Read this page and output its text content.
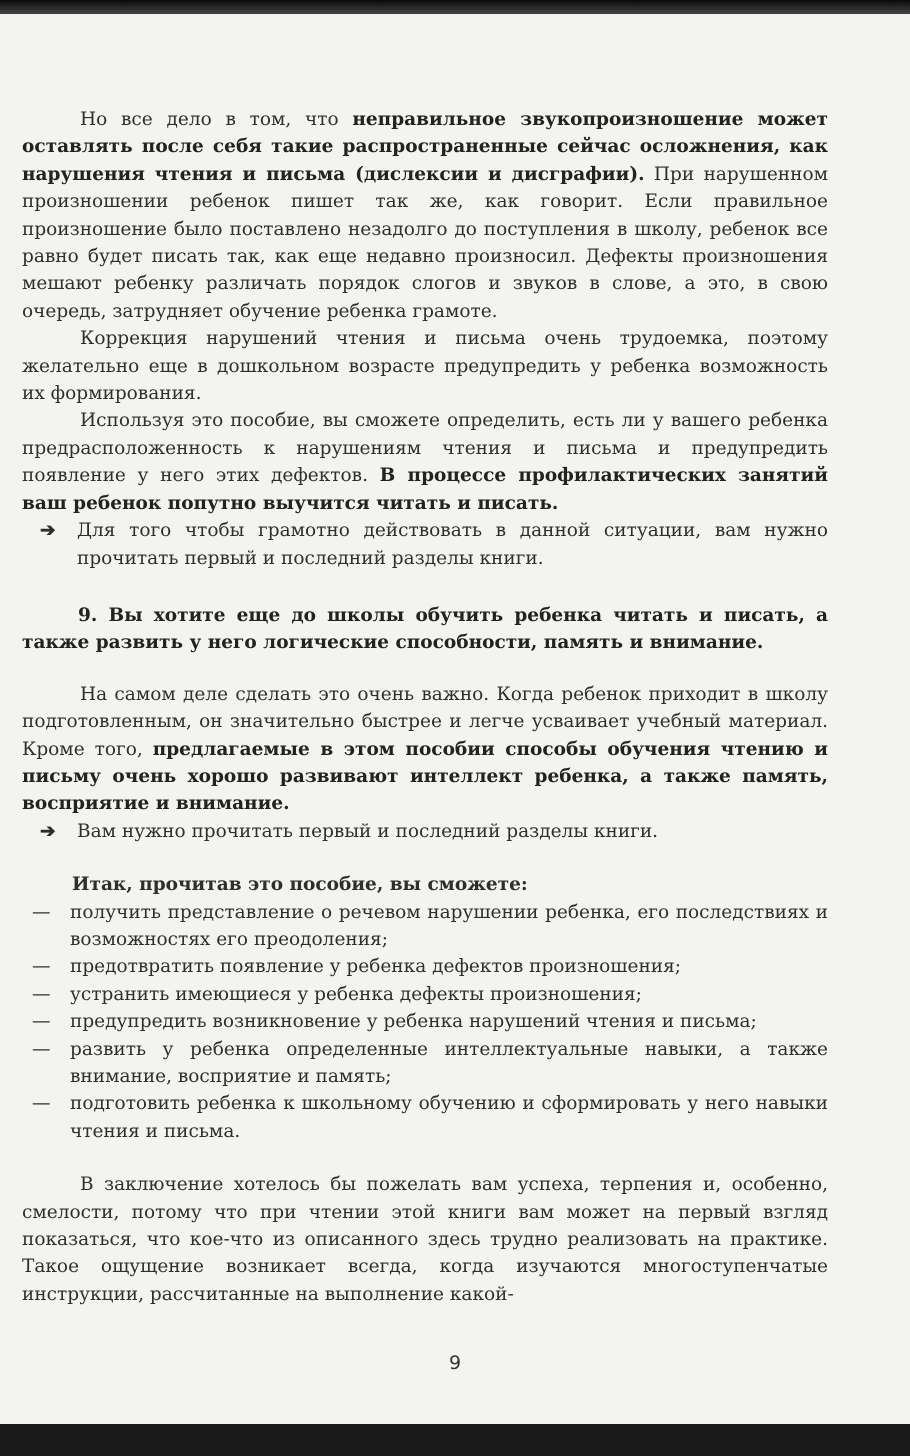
Но все дело в том, что неправильное звукопроизношение может оставлять после себя такие распространенные сейчас осложнения, как нарушения чтения и письма (дислексии и дисграфии). При нарушенном произношении ребенок пишет так же, как говорит. Если правильное произношение было поставлено незадолго до поступления в школу, ребенок все равно будет писать так, как еще недавно произносил. Дефекты произношения мешают ребенку различать порядок слогов и звуков в слове, а это, в свою очередь, затрудняет обучение ребенка грамоте.

Коррекция нарушений чтения и письма очень трудоемка, поэтому желательно еще в дошкольном возрасте предупредить у ребенка возможность их формирования.

Используя это пособие, вы сможете определить, есть ли у вашего ребенка предрасположенность к нарушениям чтения и письма и предупредить появление у него этих дефектов. В процессе профилактических занятий ваш ребенок попутно выучится читать и писать.

➔ Для того чтобы грамотно действовать в данной ситуации, вам нужно прочитать первый и последний разделы книги.
9. Вы хотите еще до школы обучить ребенка читать и писать, а также развить у него логические способности, память и внимание.

На самом деле сделать это очень важно. Когда ребенок приходит в школу подготовленным, он значительно быстрее и легче усваивает учебный материал. Кроме того, предлагаемые в этом пособии способы обучения чтению и письму очень хорошо развивают интеллект ребенка, а также память, восприятие и внимание.

➔ Вам нужно прочитать первый и последний разделы книги.
Итак, прочитав это пособие, вы сможете:
— получить представление о речевом нарушении ребенка, его последствиях и возможностях его преодоления;
— предотвратить появление у ребенка дефектов произношения;
— устранить имеющиеся у ребенка дефекты произношения;
— предупредить возникновение у ребенка нарушений чтения и письма;
— развить у ребенка определенные интеллектуальные навыки, а также внимание, восприятие и память;
— подготовить ребенка к школьному обучению и сформировать у него навыки чтения и письма.

В заключение хотелось бы пожелать вам успеха, терпения и, особенно, смелости, потому что при чтении этой книги вам может на первый взгляд показаться, что кое-что из описанного здесь трудно реализовать на практике. Такое ощущение возникает всегда, когда изучаются многоступенчатые инструкции, рассчитанные на выполнение какой-

9
